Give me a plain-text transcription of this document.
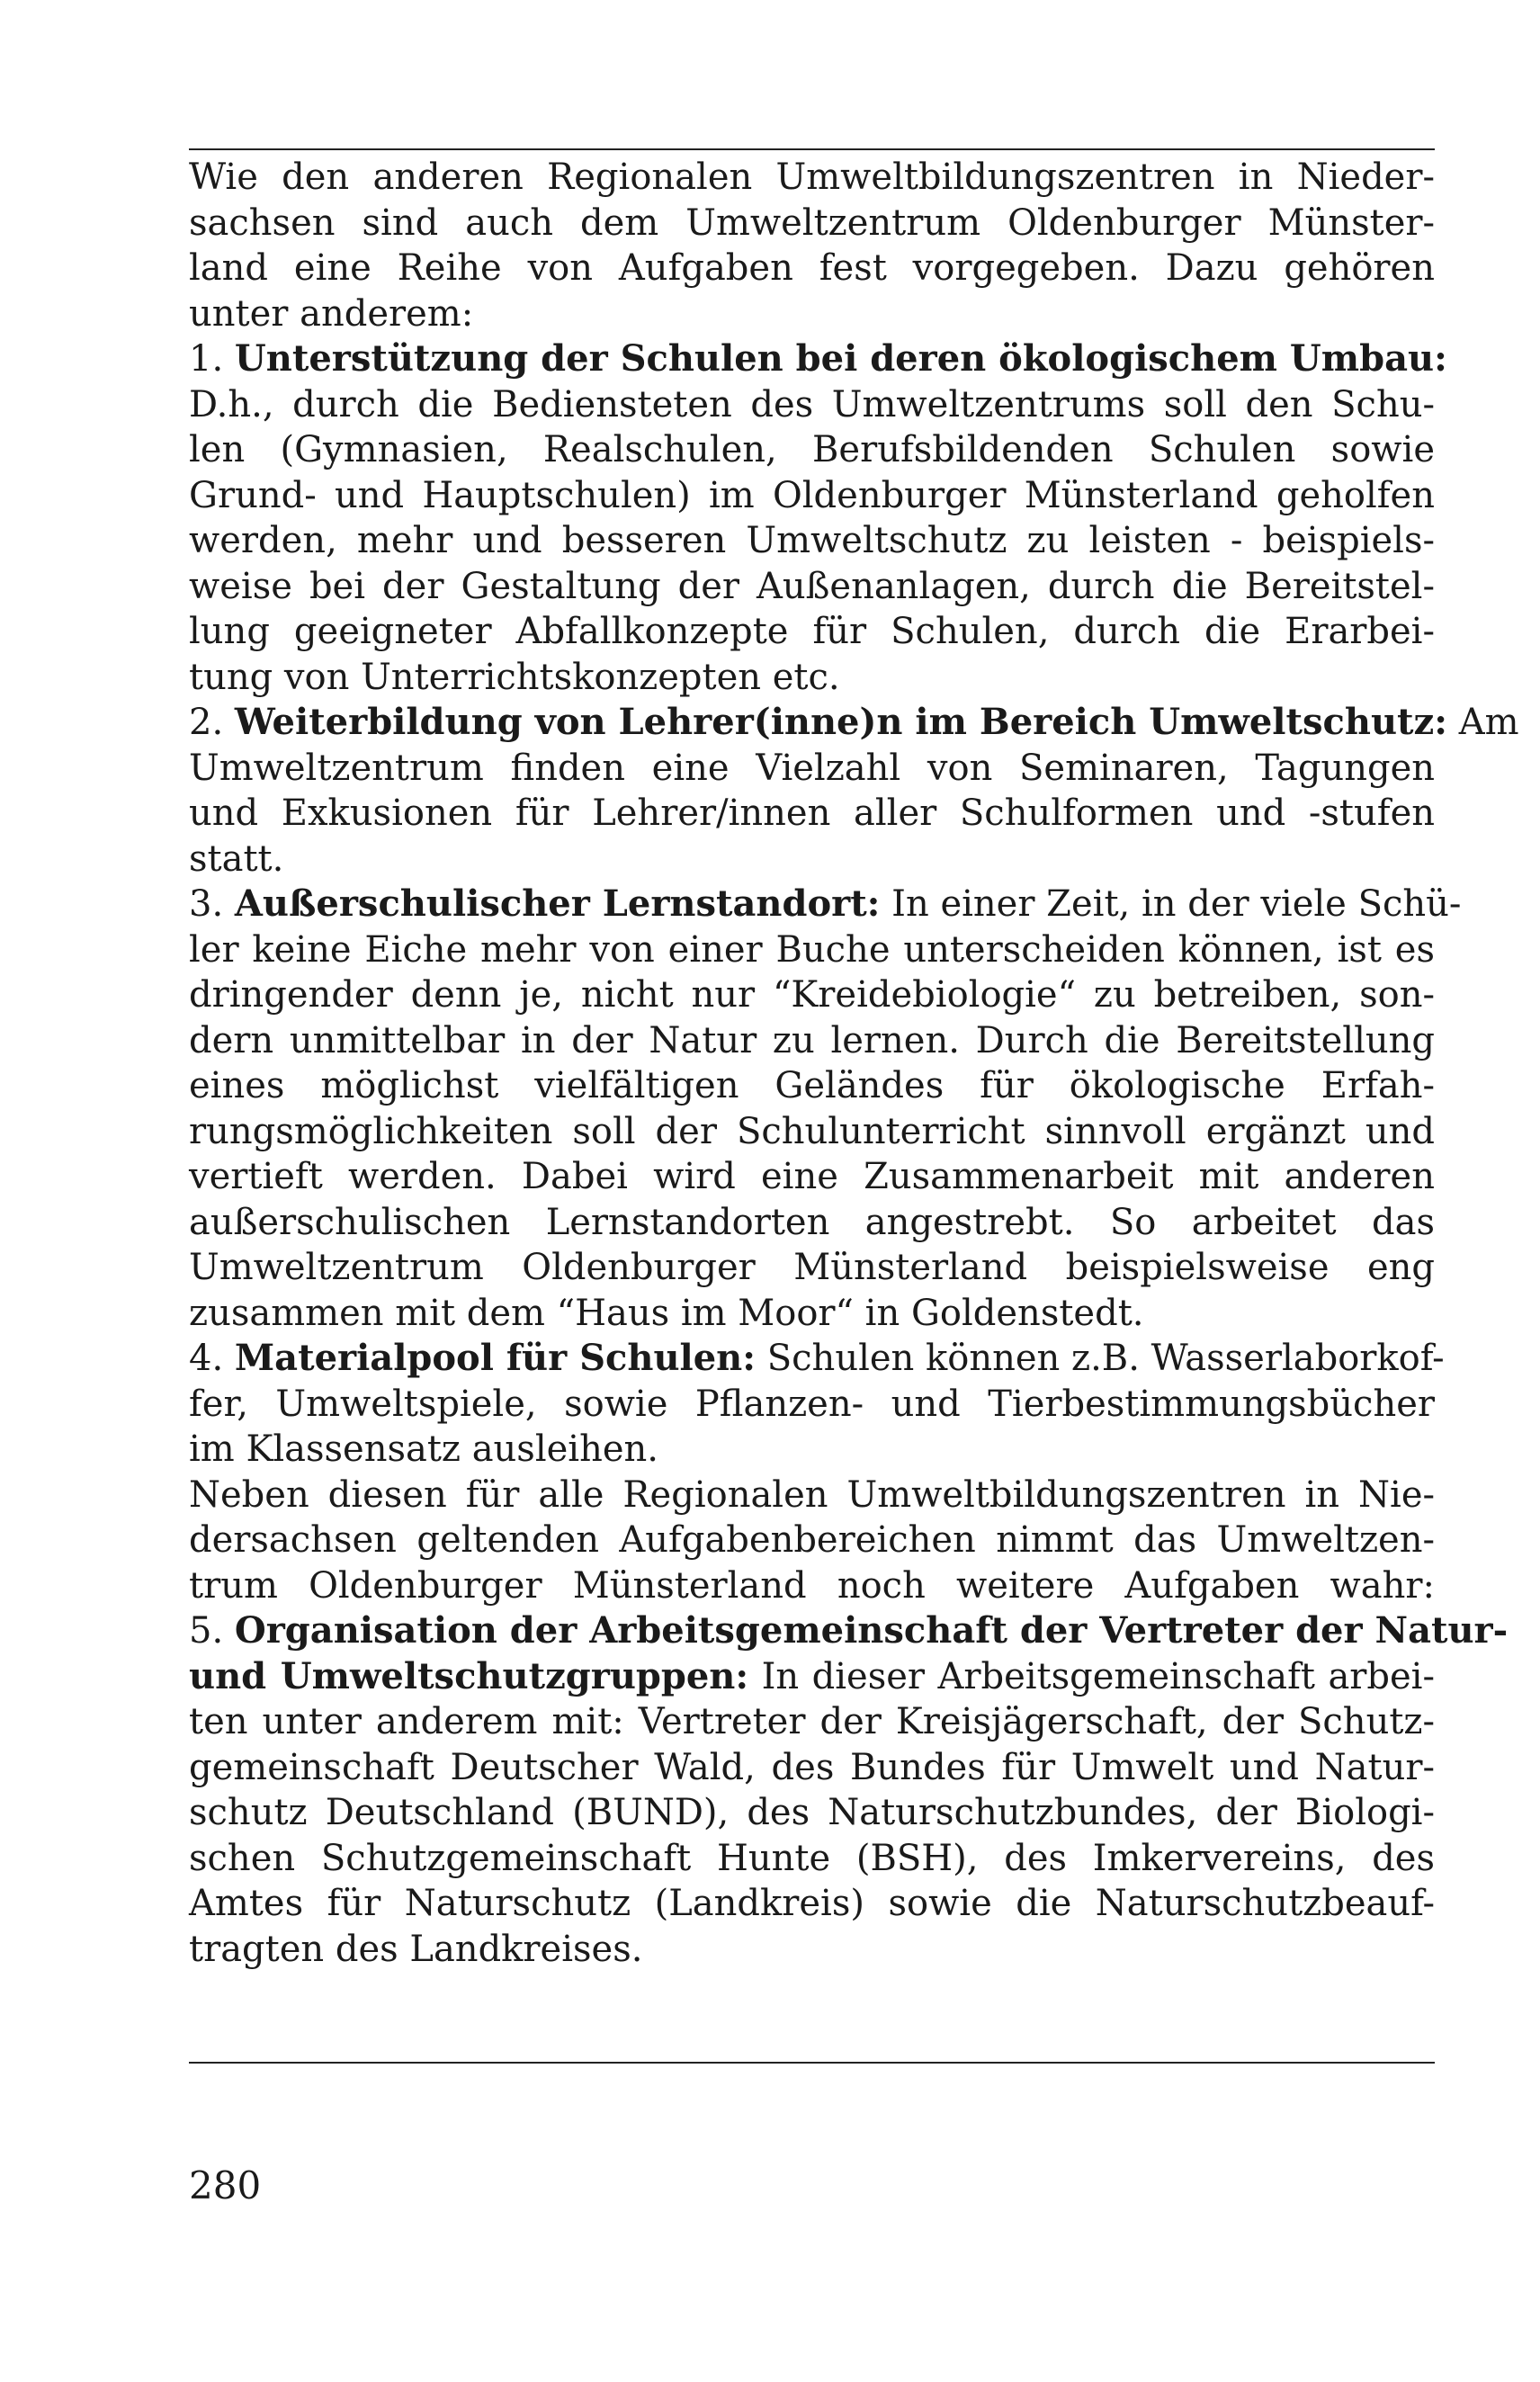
Wie den anderen Regionalen Umweltbildungszentren in Nieder-
sachsen sind auch dem Umweltzentrum Oldenburger Münster-
land eine Reihe von Aufgaben fest vorgegeben. Dazu gehören
unter anderem:
1. Unterstützung der Schulen bei deren ökologischem Umbau:
D.h., durch die Bediensteten des Umweltzentrums soll den Schu-
len (Gymnasien, Realschulen, Berufsbildenden Schulen sowie
Grund- und Hauptschulen) im Oldenburger Münsterland geholfen
werden, mehr und besseren Umweltschutz zu leisten - beispiels-
weise bei der Gestaltung der Außenanlagen, durch die Bereitstel-
lung geeigneter Abfallkonzepte für Schulen, durch die Erarbei-
tung von Unterrichtskonzepten etc.
2. Weiterbildung von Lehrer(inne)n im Bereich Umweltschutz: Am
Umweltzentrum finden eine Vielzahl von Seminaren, Tagungen
und Exkusionen für Lehrer/innen aller Schulformen und -stufen
statt.
3. Außerschulischer Lernstandort: In einer Zeit, in der viele Schü-
ler keine Eiche mehr von einer Buche unterscheiden können, ist es
dringender denn je, nicht nur “Kreidebiologie“ zu betreiben, son-
dern unmittelbar in der Natur zu lernen. Durch die Bereitstellung
eines möglichst vielfältigen Geländes für ökologische Erfah-
rungsmöglichkeiten soll der Schulunterricht sinnvoll ergänzt und
vertieft werden. Dabei wird eine Zusammenarbeit mit anderen
außerschulischen Lernstandorten angestrebt. So arbeitet das
Umweltzentrum Oldenburger Münsterland beispielsweise eng
zusammen mit dem “Haus im Moor“ in Goldenstedt.
4. Materialpool für Schulen: Schulen können z.B. Wasserlaborkof-
fer, Umweltspiele, sowie Pflanzen- und Tierbestimmungsbücher
im Klassensatz ausleihen.
Neben diesen für alle Regionalen Umweltbildungszentren in Nie-
dersachsen geltenden Aufgabenbereichen nimmt das Umweltzen-
trum Oldenburger Münsterland noch weitere Aufgaben wahr:
5. Organisation der Arbeitsgemeinschaft der Vertreter der Natur-
und Umweltschutzgruppen: In dieser Arbeitsgemeinschaft arbei-
ten unter anderem mit: Vertreter der Kreisjägerschaft, der Schutz-
gemeinschaft Deutscher Wald, des Bundes für Umwelt und Natur-
schutz Deutschland (BUND), des Naturschutzbundes, der Biologi-
schen Schutzgemeinschaft Hunte (BSH), des Imkervereins, des
Amtes für Naturschutz (Landkreis) sowie die Naturschutzbeauf-
tragten des Landkreises.
280
